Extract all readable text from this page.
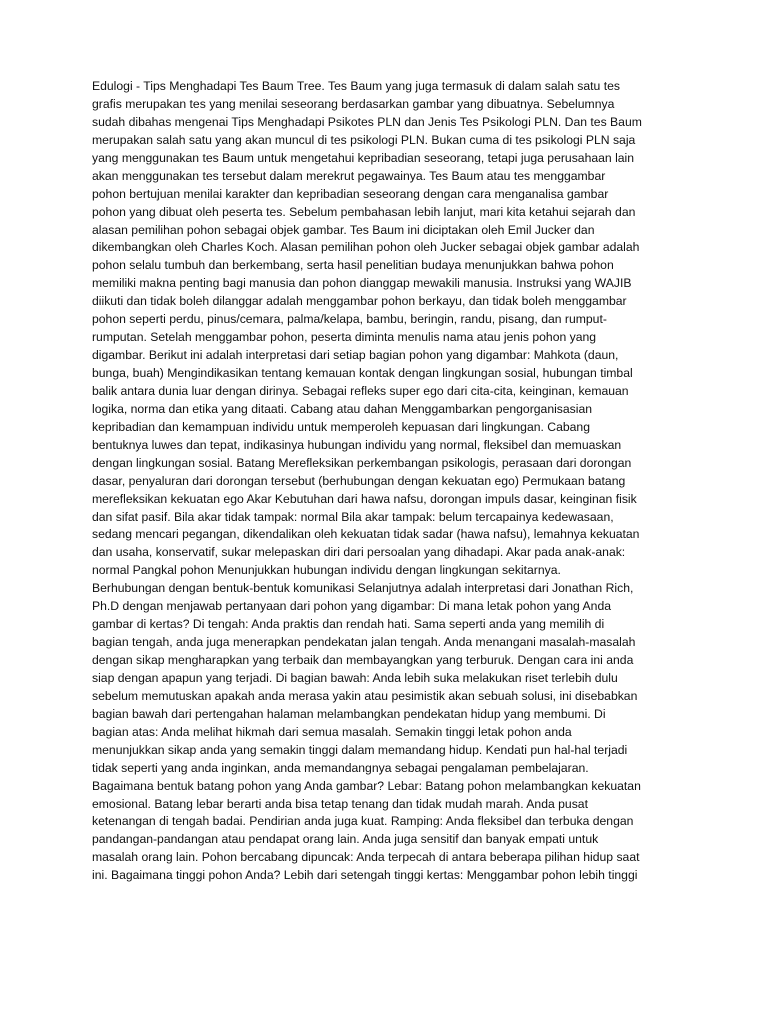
Edulogi - Tips Menghadapi Tes Baum Tree. Tes Baum yang juga termasuk di dalam salah satu tes
grafis merupakan tes yang menilai seseorang berdasarkan gambar yang dibuatnya. Sebelumnya
sudah dibahas mengenai Tips Menghadapi Psikotes PLN dan Jenis Tes Psikologi PLN. Dan tes Baum
merupakan salah satu yang akan muncul di tes psikologi PLN. Bukan cuma di tes psikologi PLN saja
yang menggunakan tes Baum untuk mengetahui kepribadian seseorang, tetapi juga perusahaan lain
akan menggunakan tes tersebut dalam merekrut pegawainya. Tes Baum atau tes menggambar
pohon bertujuan menilai karakter dan kepribadian seseorang dengan cara menganalisa gambar
pohon yang dibuat oleh peserta tes. Sebelum pembahasan lebih lanjut, mari kita ketahui sejarah dan
alasan pemilihan pohon sebagai objek gambar. Tes Baum ini diciptakan oleh Emil Jucker dan
dikembangkan oleh Charles Koch. Alasan pemilihan pohon oleh Jucker sebagai objek gambar adalah
pohon selalu tumbuh dan berkembang, serta hasil penelitian budaya menunjukkan bahwa pohon
memiliki makna penting bagi manusia dan pohon dianggap mewakili manusia. Instruksi yang WAJIB
diikuti dan tidak boleh dilanggar adalah menggambar pohon berkayu, dan tidak boleh menggambar
pohon seperti perdu, pinus/cemara, palma/kelapa, bambu, beringin, randu, pisang, dan rumput-
rumputan. Setelah menggambar pohon, peserta diminta menulis nama atau jenis pohon yang
digambar. Berikut ini adalah interpretasi dari setiap bagian pohon yang digambar: Mahkota (daun,
bunga, buah) Mengindikasikan tentang kemauan kontak dengan lingkungan sosial, hubungan timbal
balik antara dunia luar dengan dirinya. Sebagai refleks super ego dari cita-cita, keinginan, kemauan
logika, norma dan etika yang ditaati. Cabang atau dahan Menggambarkan pengorganisasian
kepribadian dan kemampuan individu untuk memperoleh kepuasan dari lingkungan. Cabang
bentuknya luwes dan tepat, indikasinya hubungan individu yang normal, fleksibel dan memuaskan
dengan lingkungan sosial. Batang Merefleksikan perkembangan psikologis, perasaan dari dorongan
dasar, penyaluran dari dorongan tersebut (berhubungan dengan kekuatan ego) Permukaan batang
merefleksikan kekuatan ego Akar Kebutuhan dari hawa nafsu, dorongan impuls dasar, keinginan fisik
dan sifat pasif. Bila akar tidak tampak: normal Bila akar tampak: belum tercapainya kedewasaan,
sedang mencari pegangan, dikendalikan oleh kekuatan tidak sadar (hawa nafsu), lemahnya kekuatan
dan usaha, konservatif, sukar melepaskan diri dari persoalan yang dihadapi. Akar pada anak-anak:
normal Pangkal pohon Menunjukkan hubungan individu dengan lingkungan sekitarnya.
Berhubungan dengan bentuk-bentuk komunikasi Selanjutnya adalah interpretasi dari Jonathan Rich,
Ph.D dengan menjawab pertanyaan dari pohon yang digambar: Di mana letak pohon yang Anda
gambar di kertas? Di tengah: Anda praktis dan rendah hati. Sama seperti anda yang memilih di
bagian tengah, anda juga menerapkan pendekatan jalan tengah. Anda menangani masalah-masalah
dengan sikap mengharapkan yang terbaik dan membayangkan yang terburuk. Dengan cara ini anda
siap dengan apapun yang terjadi. Di bagian bawah: Anda lebih suka melakukan riset terlebih dulu
sebelum memutuskan apakah anda merasa yakin atau pesimistik akan sebuah solusi, ini disebabkan
bagian bawah dari pertengahan halaman melambangkan pendekatan hidup yang membumi. Di
bagian atas: Anda melihat hikmah dari semua masalah. Semakin tinggi letak pohon anda
menunjukkan sikap anda yang semakin tinggi dalam memandang hidup. Kendati pun hal-hal terjadi
tidak seperti yang anda inginkan, anda memandangnya sebagai pengalaman pembelajaran.
Bagaimana bentuk batang pohon yang Anda gambar? Lebar: Batang pohon melambangkan kekuatan
emosional. Batang lebar berarti anda bisa tetap tenang dan tidak mudah marah. Anda pusat
ketenangan di tengah badai. Pendirian anda juga kuat. Ramping: Anda fleksibel dan terbuka dengan
pandangan-pandangan atau pendapat orang lain. Anda juga sensitif dan banyak empati untuk
masalah orang lain. Pohon bercabang dipuncak: Anda terpecah di antara beberapa pilihan hidup saat
ini. Bagaimana tinggi pohon Anda? Lebih dari setengah tinggi kertas: Menggambar pohon lebih tinggi
